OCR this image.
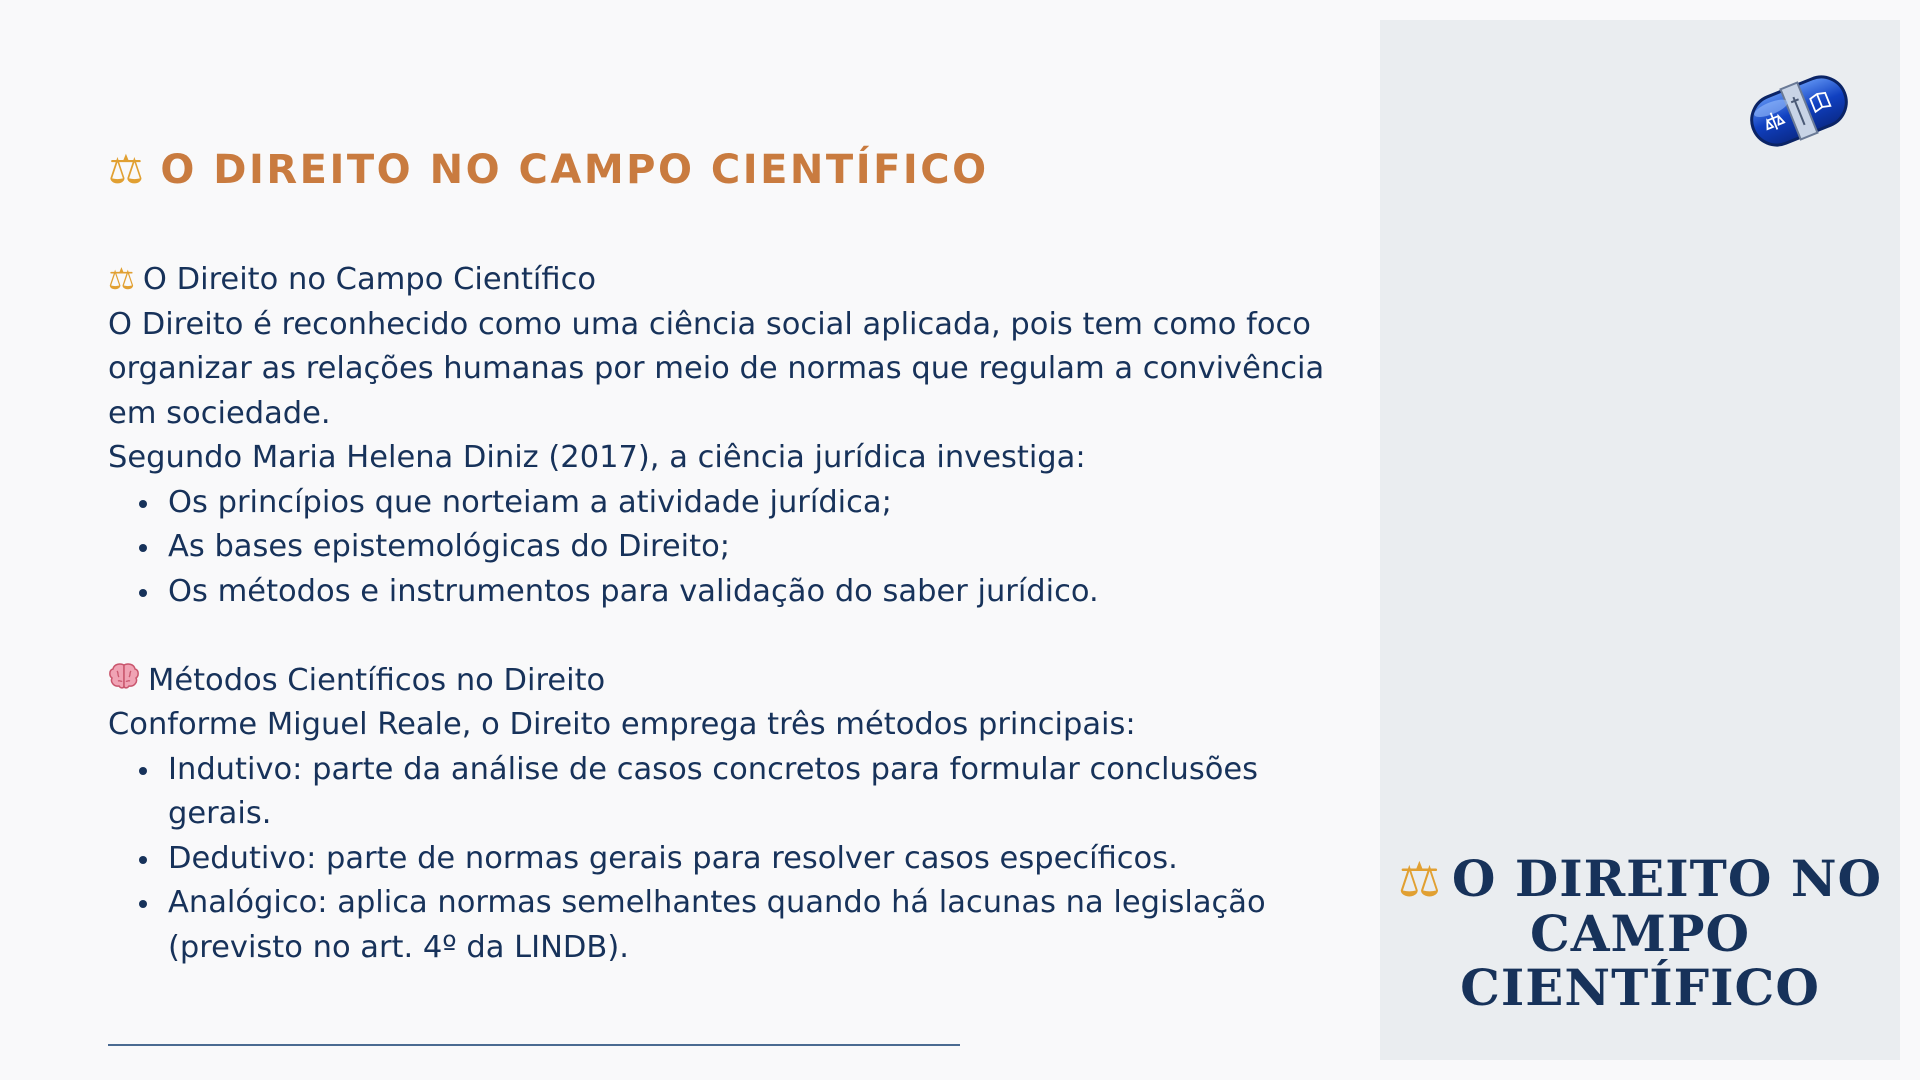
⚖ O DIREITO NO CAMPO CIENTÍFICO
⚖ O Direito no Campo Científico

O Direito é reconhecido como uma ciência social aplicada, pois tem como foco organizar as relações humanas por meio de normas que regulam a convivência em sociedade.

Segundo Maria Helena Diniz (2017), a ciência jurídica investiga:

Os princípios que norteiam a atividade jurídica;
As bases epistemológicas do Direito;
Os métodos e instrumentos para validação do saber jurídico.
Métodos Científicos no Direito

Conforme Miguel Reale, o Direito emprega três métodos principais:

Indutivo: parte da análise de casos concretos para formular conclusões gerais.
Dedutivo: parte de normas gerais para resolver casos específicos.
Analógico: aplica normas semelhantes quando há lacunas na legislação (previsto no art. 4º da LINDB).
⚖ O DIREITO NO CAMPO CIENTÍFICO
